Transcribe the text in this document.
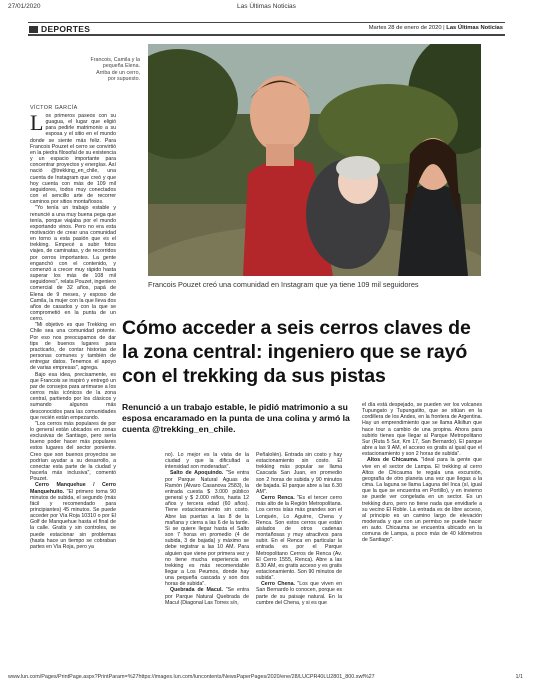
27/01/2020	Las Últimas Noticias
DEPORTES	Martes 28 de enero de 2020 | Las Últimas Noticias
Francois, Camila y la pequeña Elena. Arriba de un cerro, por supuesto.
VÍCTOR GARCÍA
Francois Pouzet creó una comunidad en Instagram que ya tiene 109 mil seguidores
Cómo acceder a seis cerros claves de la zona central: ingeniero que se rayó con el trekking da sus pistas
Renunció a un trabajo estable, le pidió matrimonio a su esposa encaramado en la punta de una colina y armó la cuenta @trekking_en_chile.
L os primeros paseos con su guagua, el lugar que eligió para pedirle matrimonio a su esposa y el sitio en el mundo donde se siente más feliz. Para Francois Pouzet el cerro se convirtió en la piedra filosofal de su existencia y un espacio importante para concentrar proyectos y energías. Así nació @trekking_en_chile, una cuenta de Instagram que creó y que hoy cuenta con más de 109 mil seguidores, todos muy conectados con el sencillo arte de recorrer caminos por sitios montañosos.

"Yo tenía un trabajo estable y renuncié a una muy buena pega que tenía, porque viajaba por el mundo exportando vinos. Pero no era esta motivación de crear una comunidad en torno a esta pasión que es el trekking. Empecé a subir fotos viajes, de caminatas, y de recorridos por cerros importantes. La gente enganchó con el contenido, y comenzó a crecer muy rápido hasta superar los más de 108 mil seguidores", relata Pouzet, ingeniero comercial de 32 años, papá de Elena de 9 meses, y esposo de Camila, la mujer con la que lleva dos años de casados y con la que se comprometió en la punta de un cerro.

"Mi objetivo es que Trekking en Chile sea una comunidad potente. Por eso nos preocupamos de dar tips de buenos lugares para practicarlo, de contar historias de personas comunes y también de entregar datos. Tenemos el apoyo de varias empresas", agrega.

Bajo esa idea, precisamente, es que Francois se inspiró y entregó un par de consejos para arrimarse a los cerros más icónicos de la zona central, partiendo por los clásicos y sumando algunos más desconocidos para las comunidades que recién están empezando.

"Los cerros más populares de por lo general están ubicados en zonas exclusivas de Santiago, pero sería bueno poder hacer más populares estos lugares del sector poniente. Creo que son buenos proyectos se podrían ayudar a su desarrollo, a conectar esta parte de la ciudad y hacerla más inclusiva", comentó Pouzet.

Cerro Manquehue / Cerro Manquehuito. "El primero toma 90 minutos de subida, el segundo (más fácil y recomendado para principiantes) 45 minutos. Se puede acceder por Vía Roja 10310 o por El Golf de Manquehue hasta el final de la calle. Gratis y sin controles, se puede estacionar sin problemas (hasta hace un tiempo se cobraban partes en Vía Roja, pero ya

no). Lo mejor es la vista de la ciudad y que la dificultad a intensidad son moderadas".

Salto de Apoquindo. "Se entra por Parque Natural Aguas de Ramón (Álvaro Casanova 2583), la entrada cuesta $ 3.000 público general y $ 2.000 niños, hasta 12 años y tercera edad (60 años). Tiene estacionamiento sin costo. Abre las puertas a las 8 de la mañana y cierra a las 6 de la tarde. Si se quiere llegar hasta el Salto son 7 horas en promedio (4 de subida, 3 de bajada) y máximo se debe registrar a las 10 AM. Para alguien que viene por primera vez y no tiene mucha experiencia en trekking es más recomendable llegar a Los Peumos, donde hay una pequeña cascada y son dos horas de subida".

Quebrada de Macul. "Se entra por Parque Natural Quebrada de Macul (Diagonal Las Torres s/n,

Peñalolén). Entrada sin costo y hay estacionamiento sin costo. El trekking más popular se llama Cascada San Juan, en promedio son 2 horas de subida y 90 minutos de bajada. El parque abre a las 6.30 AM".

Cerro Renca. "Es el tercer cerro más alto de la Región Metropolitana. Los cerros islas más grandes son el Lonquén, Lo Aguirre, Chena y Renca. Son estos cerros que están aislados de otros cadenas montañosas y muy atractivos para subir. En el Renca en particular la entrada es por el Parque Metropolitano Cerros de Renca (Av. El Cerro 1555, Renca). Abre a las 8.30 AM, es gratis acceso y es gratis estacionamiento. Son 90 minutos de subida".

Cerro Chena. "Los que viven en San Bernardo lo conocen, porque es parte de su paisaje natural. En la cumbre del Chena, y si es que

el día está despejado, se pueden ver los volcanes Tupungato y Tupungatito, que se sitúan en la cordillera de los Andes, en la frontera de Argentina. Hay un emprendimiento que se llama Alkiltun que hace tour a cambio de una propina. Ahora para subirlo tienes que llegar al Parque Metropolitano Sur (Ruta 5 Sur, Km 17, San Bernardo). El parque abre a las 9 AM, el acceso es gratis al igual que el estacionamiento y son 2 horas de subida".

Altos de Chicauma. "Ideal para la gente que vive en el sector de Lampa. El trekking al cerro Altos de Chicauma te regala una excursión, geografía de otro planeta una vez que llegas a la cima. La laguna se llama Laguna del Inca (sí, igual que la que se encuentra en Portillo), y en invierno se puede ver congelada en un sector. Es un trekking duro, pero no tiene nada que envidiarle a su vecino El Roble. La entrada es de libre acceso, al principio es un camino largo de elevación moderada y que con un permiso se puede hacer en auto. Chicauma se encuentra ubicado en la comuna de Lampa, a poco más de 40 kilómetros de Santiago".

www.lun.com/Pages/PrintPage.aspx?PrintParam=%27https://images.lun.com/luncontents/NewsPaperPages/2020/ene/28/LUCPR40LU2801_800.swf%27	1/1
